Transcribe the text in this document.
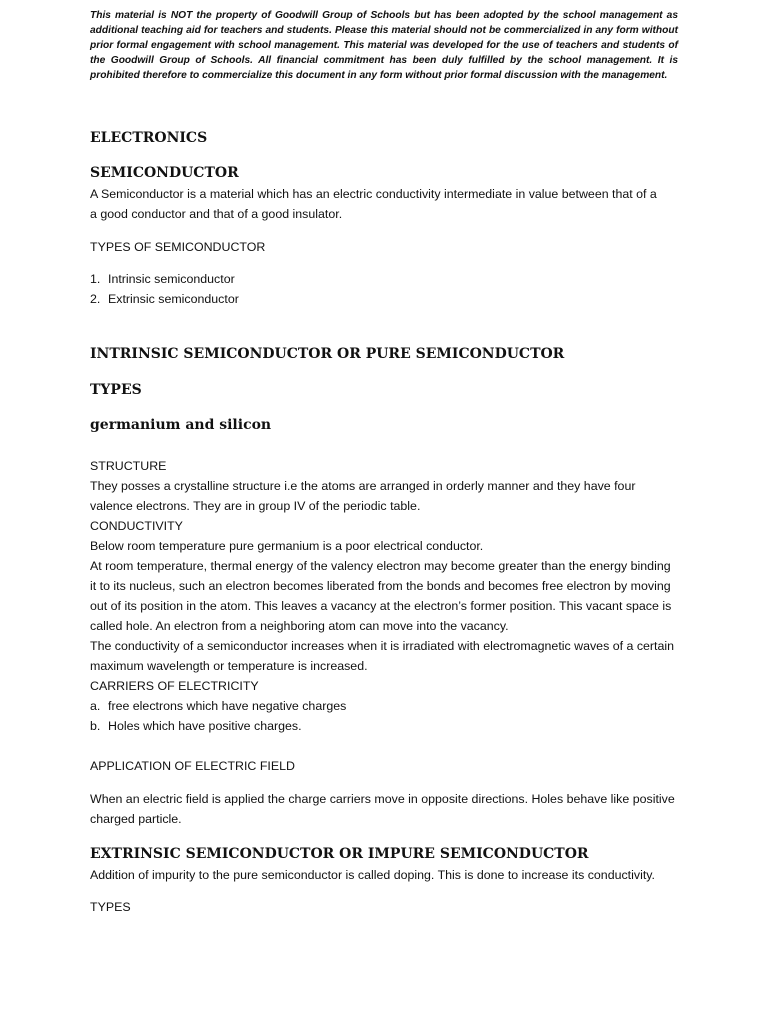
This material is NOT the property of Goodwill Group of Schools but has been adopted by the school management as additional teaching aid for teachers and students. Please this material should not be commercialized in any form without prior formal engagement with school management. This material was developed for the use of teachers and students of the Goodwill Group of Schools. All financial commitment has been duly fulfilled by the school management. It is prohibited therefore to commercialize this document in any form without prior formal discussion with the management.

ELECTRONICS
SEMICONDUCTOR

A Semiconductor is a material which has an electric conductivity intermediate in value between that of a

a good conductor and that of a good insulator.

TYPES OF SEMICONDUCTOR

1. Intrinsic semiconductor
2. Extrinsic semiconductor
INTRINSIC SEMICONDUCTOR OR PURE SEMICONDUCTOR
TYPES
germanium and silicon

STRUCTURE

They posses a crystalline structure i.e the atoms are arranged in orderly manner and they have four valence electrons. They are in group IV of the periodic table.

CONDUCTIVITY

Below room temperature pure germanium is a poor electrical conductor.

At room temperature, thermal energy of the valency electron may become greater than the energy binding it to its nucleus, such an electron becomes liberated from the bonds and becomes free electron by moving out of its position in the atom. This leaves a vacancy at the electron’s former position. This vacant space is called hole. An electron from a neighboring atom can move into the vacancy.

The conductivity of a semiconductor increases when it is irradiated with electromagnetic waves of a certain maximum wavelength or temperature is increased.

CARRIERS OF ELECTRICITY

a. free electrons which have negative charges
b. Holes which have positive charges.

APPLICATION OF ELECTRIC FIELD

When an electric field is applied the charge carriers move in opposite directions. Holes behave like positive charged particle.

EXTRINSIC SEMICONDUCTOR OR IMPURE SEMICONDUCTOR

Addition of impurity to the pure semiconductor is called doping. This is done to increase its conductivity.

TYPES
